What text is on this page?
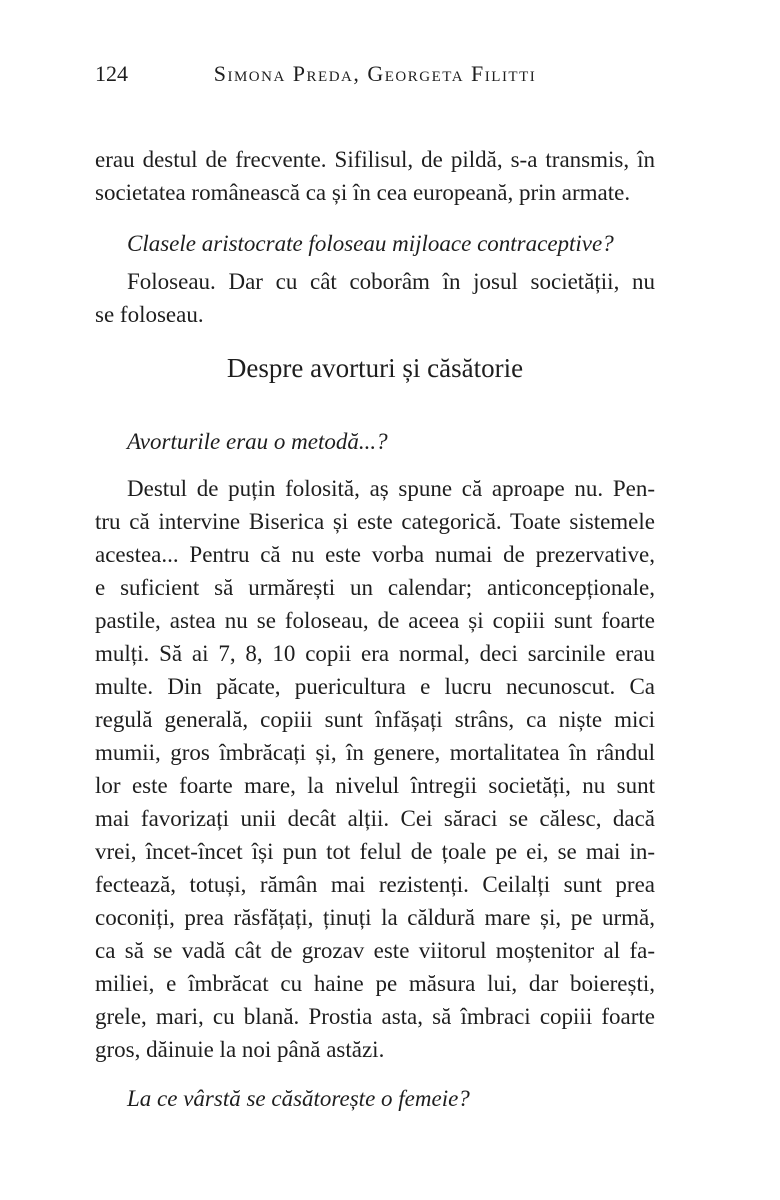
124	Simona Preda, Georgeta Filitti

erau destul de frecvente. Sifilisul, de pildă, s-a transmis, în
societatea românească ca și în cea europeană, prin armate.

Clasele aristocrate foloseau mijloace contraceptive?

Foloseau. Dar cu cât coborâm în josul societății, nu
se foloseau.

Despre avorturi și căsătorie

Avorturile erau o metodă...?

Destul de puțin folosită, aș spune că aproape nu. Pen-
tru că intervine Biserica și este categorică. Toate sistemele
acestea... Pentru că nu este vorba numai de prezervative,
e suficient să urmărești un calendar; anticoncepționale,
pastile, astea nu se foloseau, de aceea și copiii sunt foarte
mulți. Să ai 7, 8, 10 copii era normal, deci sarcinile erau
multe. Din păcate, puericultura e lucru necunoscut. Ca
regulă generală, copiii sunt înfășați strâns, ca niște mici
mumii, gros îmbrăcați și, în genere, mortalitatea în rândul
lor este foarte mare, la nivelul întregii societăți, nu sunt
mai favorizați unii decât alții. Cei săraci se călesc, dacă
vrei, încet-încet își pun tot felul de țoale pe ei, se mai in-
fectează, totuși, rămân mai rezistenți. Ceilalți sunt prea
coconiți, prea răsfățați, ținuți la căldură mare și, pe urmă,
ca să se vadă cât de grozav este viitorul moștenitor al fa-
miliei, e îmbrăcat cu haine pe măsura lui, dar boierești,
grele, mari, cu blană. Prostia asta, să îmbraci copiii foarte
gros, dăinuie la noi până astăzi.

La ce vârstă se căsătorește o femeie?
